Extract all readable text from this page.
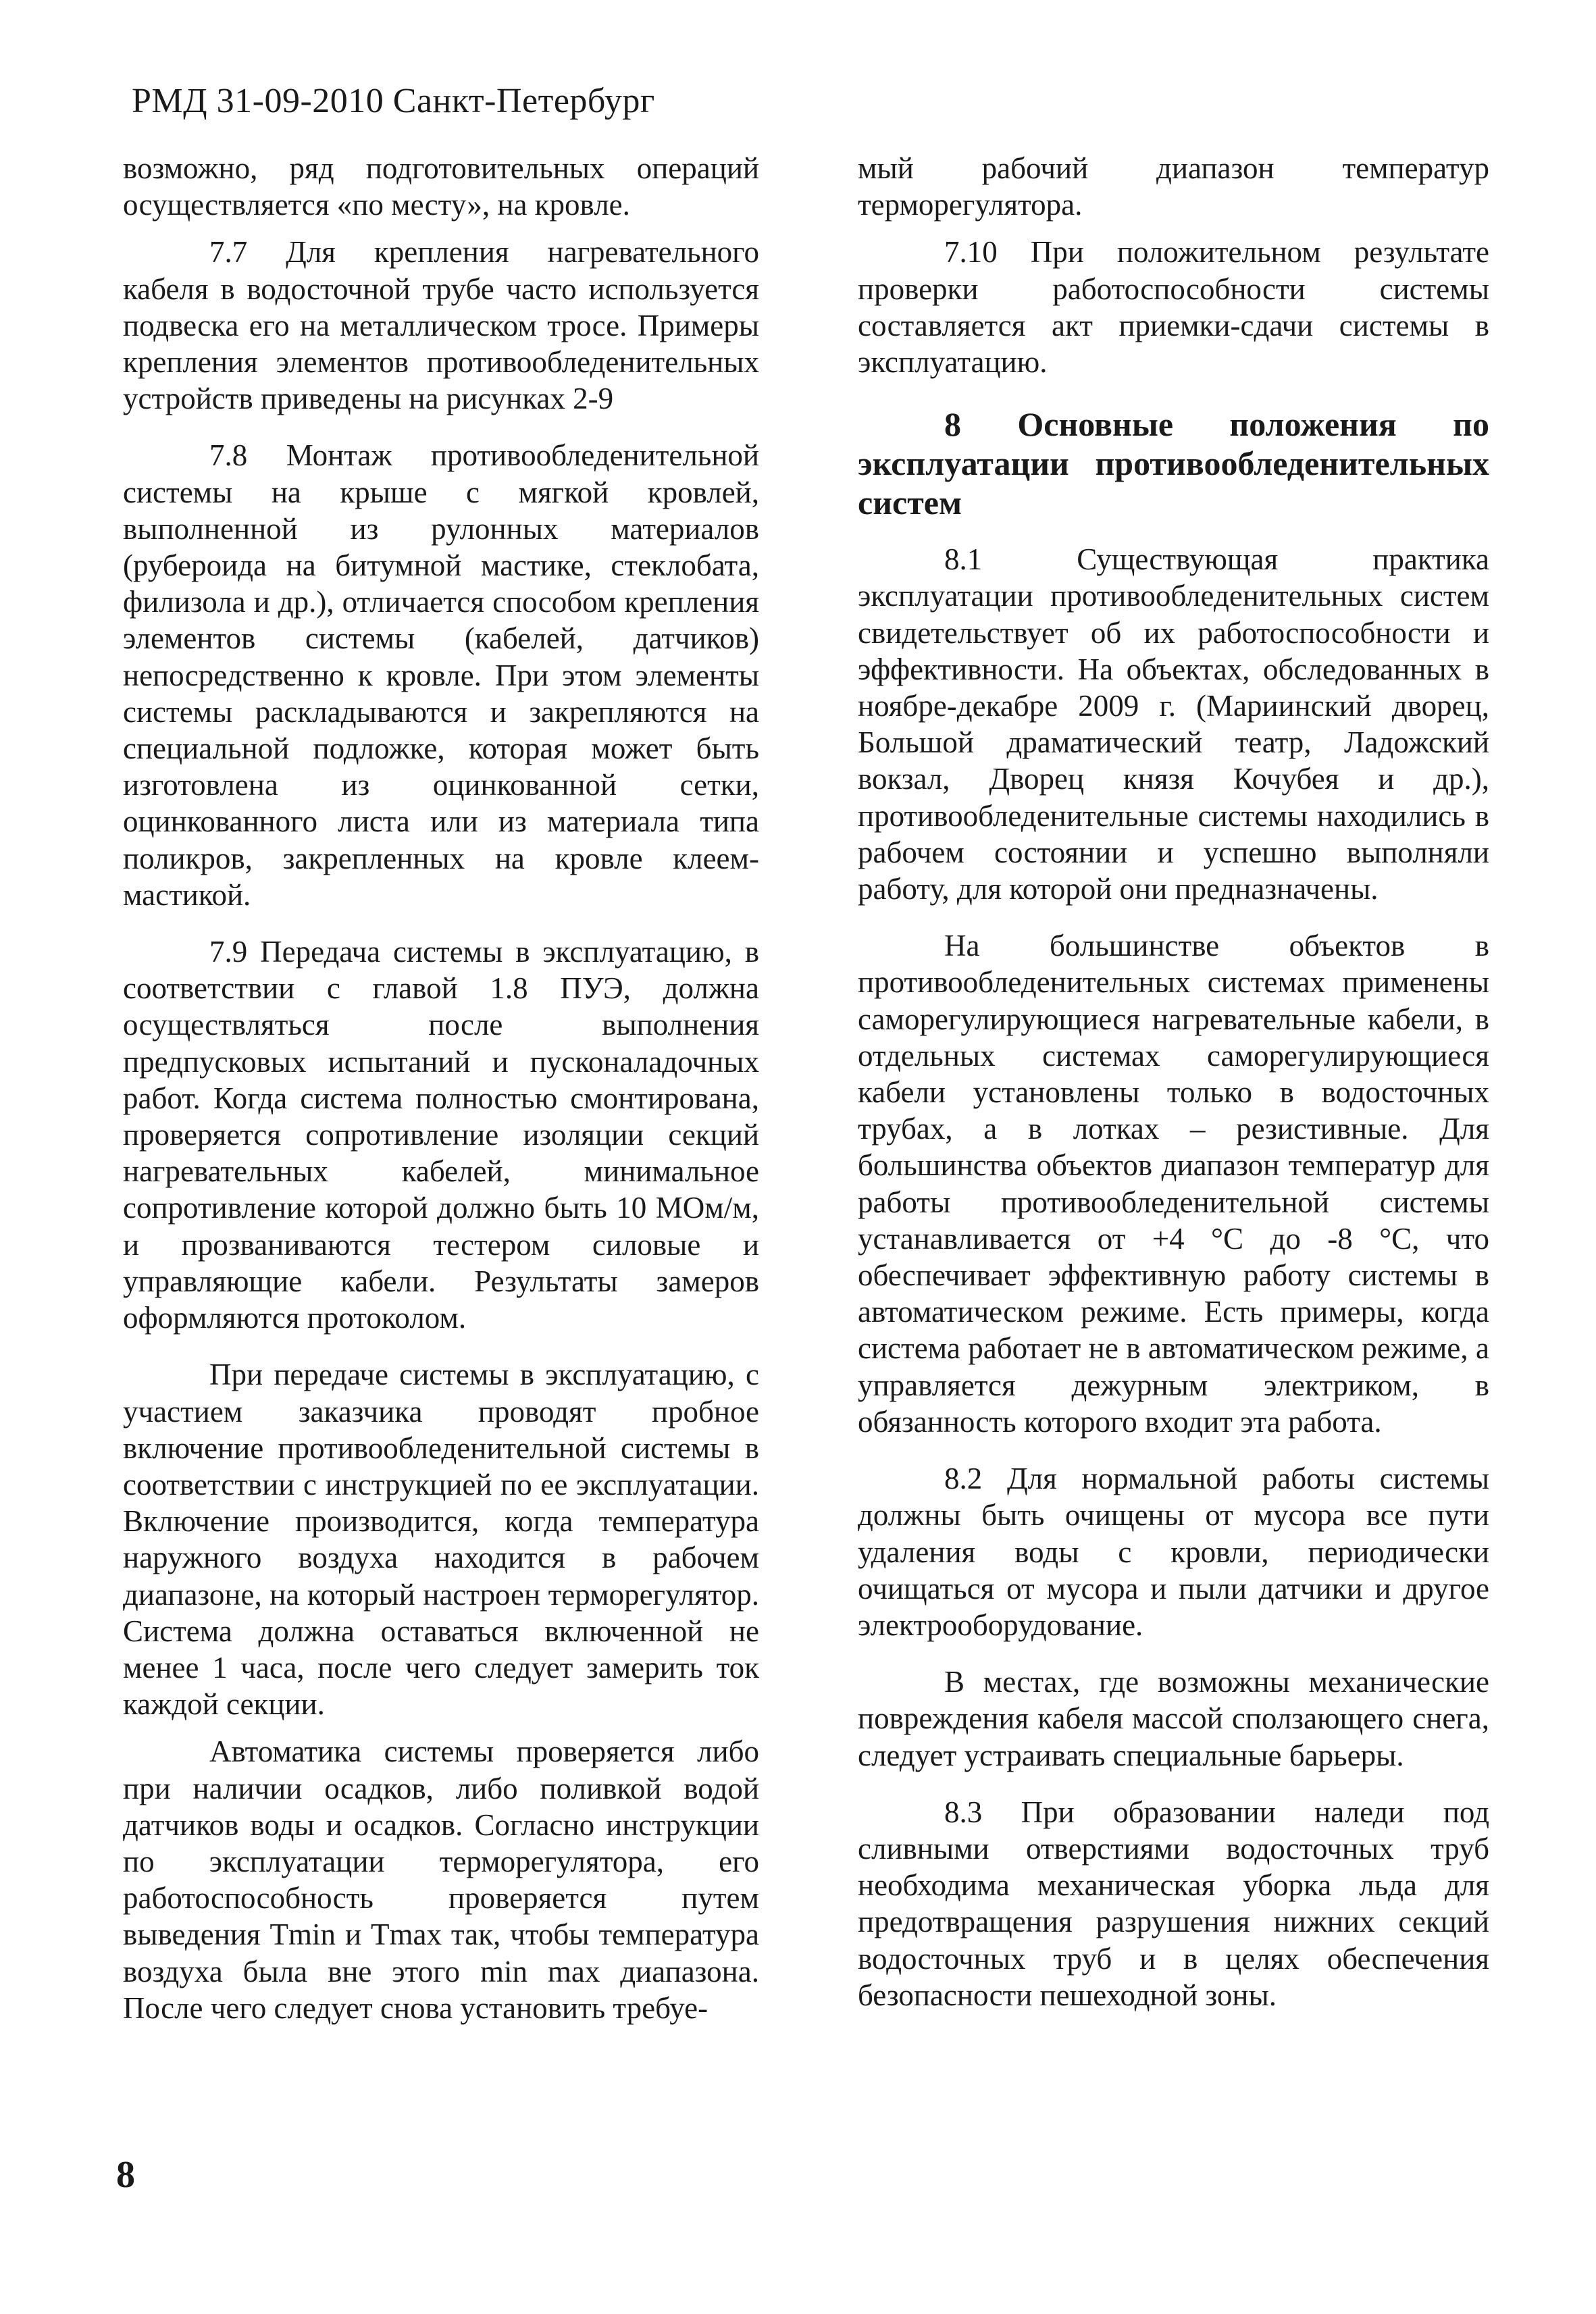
РМД 31-09-2010 Санкт-Петербург

возможно, ряд подготовительных операций осуществляется «по месту», на кровле.

7.7 Для крепления нагревательного кабеля в водосточной трубе часто используется подвеска его на металлическом тросе. Примеры крепления элементов противообледенительных устройств приведены на рисунках 2-9

7.8 Монтаж противообледенительной системы на крыше с мягкой кровлей, выполненной из рулонных материалов (рубероида на битумной мастике, стеклобата, филизола и др.), отличается способом крепления элементов системы (кабелей, датчиков) непосредственно к кровле. При этом элементы системы раскладываются и закрепляются на специальной подложке, которая может быть изготовлена из оцинкованной сетки, оцинкованного листа или из материала типа поликров, закрепленных на кровле клеем-мастикой.

7.9 Передача системы в эксплуатацию, в соответствии с главой 1.8 ПУЭ, должна осуществляться после выполнения предпусковых испытаний и пусконаладочных работ. Когда система полностью смонтирована, проверяется сопротивление изоляции секций нагревательных кабелей, минимальное сопротивление которой должно быть 10 МОм/м, и прозваниваются тестером силовые и управляющие кабели. Результаты замеров оформляются протоколом.

При передаче системы в эксплуатацию, с участием заказчика проводят пробное включение противообледенительной системы в соответствии с инструкцией по ее эксплуатации. Включение производится, когда температура наружного воздуха находится в рабочем диапазоне, на который настроен терморегулятор. Система должна оставаться включенной не менее 1 часа, после чего следует замерить ток каждой секции.

Автоматика системы проверяется либо при наличии осадков, либо поливкой водой датчиков воды и осадков. Согласно инструкции по эксплуатации терморегулятора, его работоспособность проверяется путем выведения Tmin и Tmax так, чтобы температура воздуха была вне этого min max диапазона. После чего следует снова установить требуе-

мый рабочий диапазон температур терморегулятора.

7.10 При положительном результате проверки работоспособности системы составляется акт приемки-сдачи системы в эксплуатацию.

8 Основные положения по эксплуатации противообледенительных систем

8.1 Существующая практика эксплуатации противообледенительных систем свидетельствует об их работоспособности и эффективности. На объектах, обследованных в ноябре-декабре 2009 г. (Мариинский дворец, Большой драматический театр, Ладожский вокзал, Дворец князя Кочубея и др.), противообледенительные системы находились в рабочем состоянии и успешно выполняли работу, для которой они предназначены.

На большинстве объектов в противообледенительных системах применены саморегулирующиеся нагревательные кабели, в отдельных системах саморегулирующиеся кабели установлены только в водосточных трубах, а в лотках – резистивные. Для большинства объектов диапазон температур для работы противообледенительной системы устанавливается от +4 °С до -8 °С, что обеспечивает эффективную работу системы в автоматическом режиме. Есть примеры, когда система работает не в автоматическом режиме, а управляется дежурным электриком, в обязанность которого входит эта работа.

8.2 Для нормальной работы системы должны быть очищены от мусора все пути удаления воды с кровли, периодически очищаться от мусора и пыли датчики и другое электрооборудование.

В местах, где возможны механические повреждения кабеля массой сползающего снега, следует устраивать специальные барьеры.

8.3 При образовании наледи под сливными отверстиями водосточных труб необходима механическая уборка льда для предотвращения разрушения нижних секций водосточных труб и в целях обеспечения безопасности пешеходной зоны.

8
